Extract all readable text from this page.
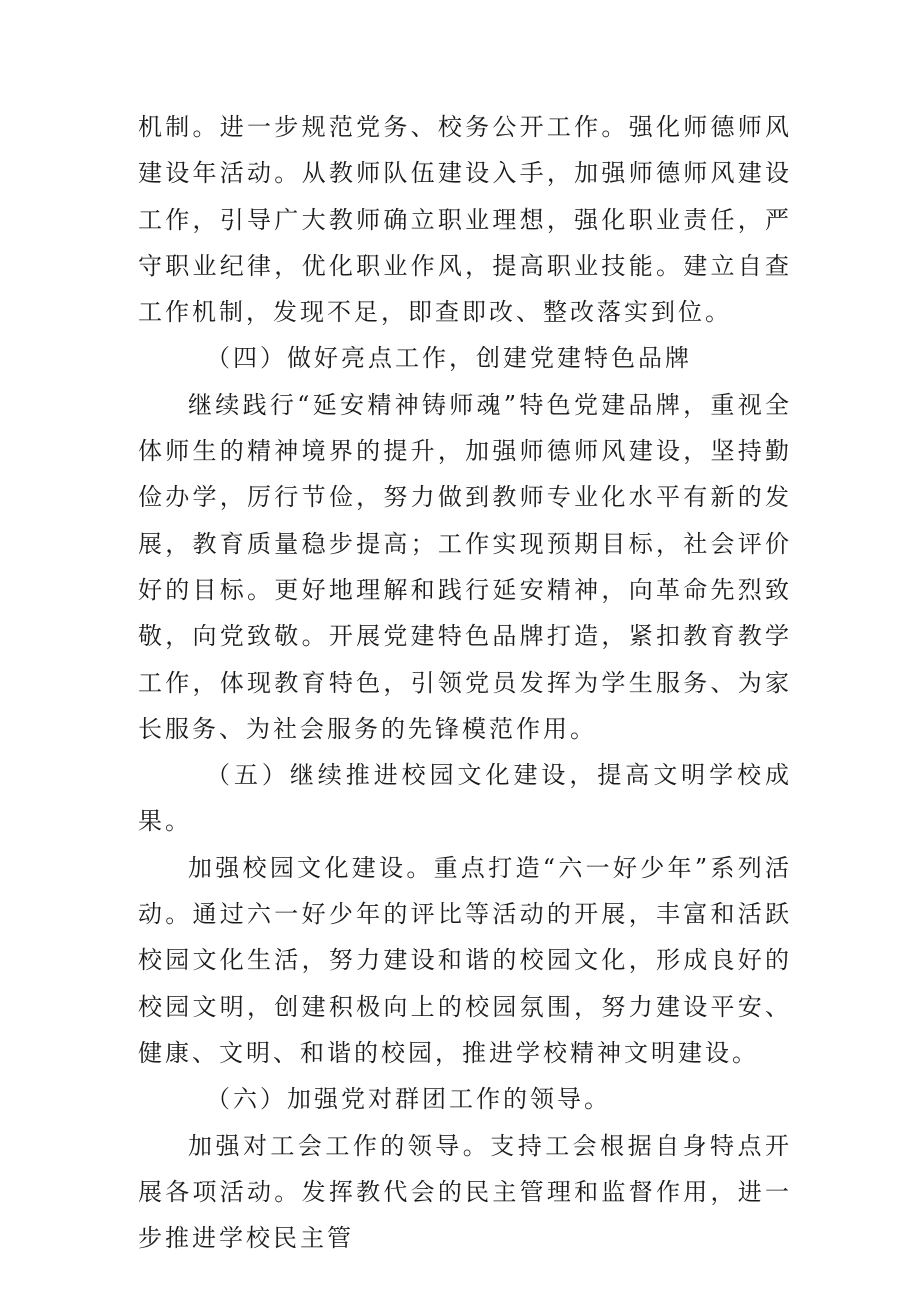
机制。进一步规范党务、校务公开工作。强化师德师风建设年活动。从教师队伍建设入手，加强师德师风建设工作，引导广大教师确立职业理想，强化职业责任，严守职业纪律，优化职业作风，提高职业技能。建立自查工作机制，发现不足，即查即改、整改落实到位。

（四）做好亮点工作，创建党建特色品牌

继续践行“延安精神铸师魂”特色党建品牌，重视全体师生的精神境界的提升，加强师德师风建设，坚持勤俭办学，厉行节俭，努力做到教师专业化水平有新的发展，教育质量稳步提高；工作实现预期目标，社会评价好的目标。更好地理解和践行延安精神，向革命先烈致敬，向党致敬。开展党建特色品牌打造，紧扣教育教学工作，体现教育特色，引领党员发挥为学生服务、为家长服务、为社会服务的先锋模范作用。

（五）继续推进校园文化建设，提高文明学校成果。

加强校园文化建设。重点打造“六一好少年”系列活动。通过六一好少年的评比等活动的开展，丰富和活跃校园文化生活，努力建设和谐的校园文化，形成良好的校园文明，创建积极向上的校园氛围，努力建设平安、健康、文明、和谐的校园，推进学校精神文明建设。

（六）加强党对群团工作的领导。

加强对工会工作的领导。支持工会根据自身特点开展各项活动。发挥教代会的民主管理和监督作用，进一步推进学校民主管
